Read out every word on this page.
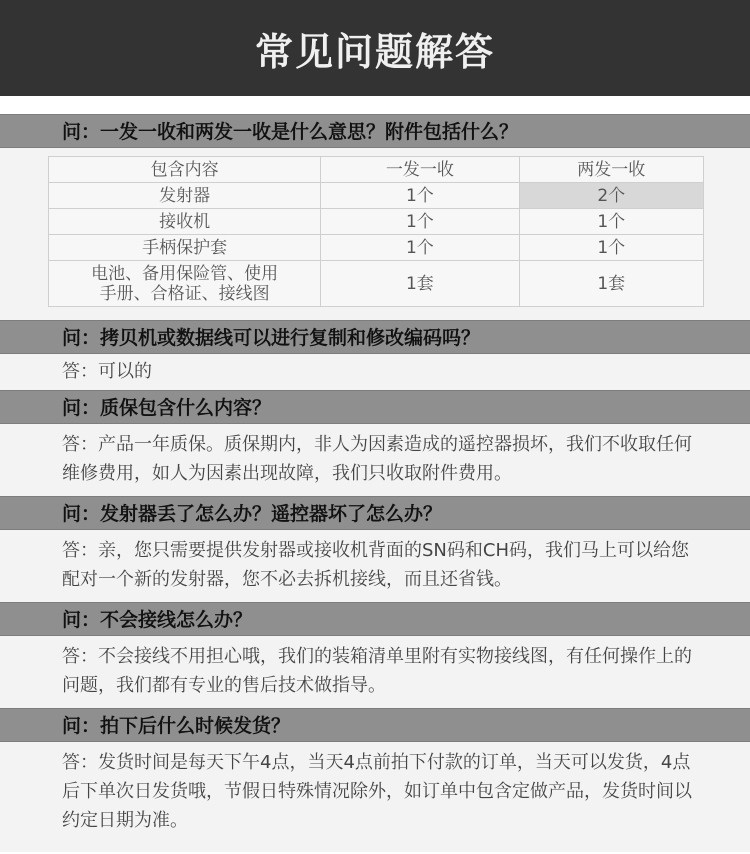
常见问题解答
问：一发一收和两发一收是什么意思？附件包括什么？
包含内容	一发一收	两发一收
发射器	1个	2个
接收机	1个	1个
手柄保护套	1个	1个
电池、备用保险管、使用
手册、合格证、接线图	1套	1套
问：拷贝机或数据线可以进行复制和修改编码吗？
答：可以的
问：质保包含什么内容？
答：产品一年质保。质保期内，非人为因素造成的遥控器损坏，我们不收取任何维修费用，如人为因素出现故障，我们只收取附件费用。
问：发射器丢了怎么办？遥控器坏了怎么办？
答：亲，您只需要提供发射器或接收机背面的SN码和CH码，我们马上可以给您配对一个新的发射器，您不必去拆机接线，而且还省钱。
问：不会接线怎么办？
答：不会接线不用担心哦，我们的装箱清单里附有实物接线图，有任何操作上的问题，我们都有专业的售后技术做指导。
问：拍下后什么时候发货？
答：发货时间是每天下午4点，当天4点前拍下付款的订单，当天可以发货，4点后下单次日发货哦，节假日特殊情况除外，如订单中包含定做产品，发货时间以约定日期为准。
